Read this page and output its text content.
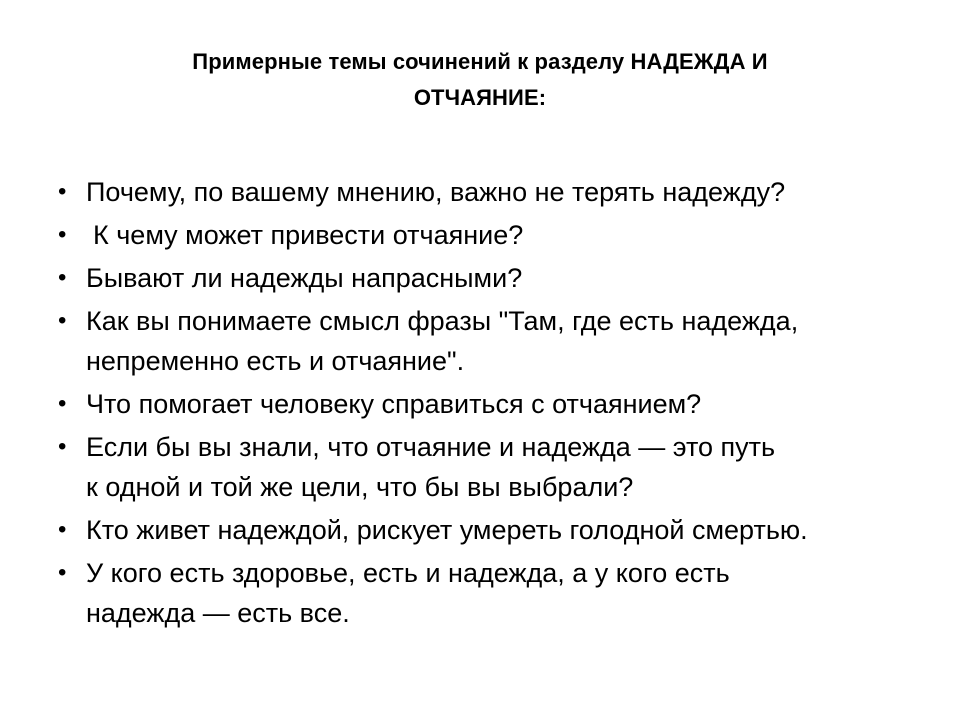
Примерные темы сочинений к разделу НАДЕЖДА И
ОТЧАЯНИЕ:
• Почему, по вашему мнению, важно не терять надежду?
• К чему может привести отчаяние?
• Бывают ли надежды напрасными?
• Как вы понимаете смысл фразы "Там, где есть надежда,
непременно есть и отчаяние".
• Что помогает человеку справиться с отчаянием?
• Если бы вы знали, что отчаяние и надежда — это путь
к одной и той же цели, что бы вы выбрали?
• Кто живет надеждой, рискует умереть голодной смертью.
• У кого есть здоровье, есть и надежда, а у кого есть
надежда — есть все.
